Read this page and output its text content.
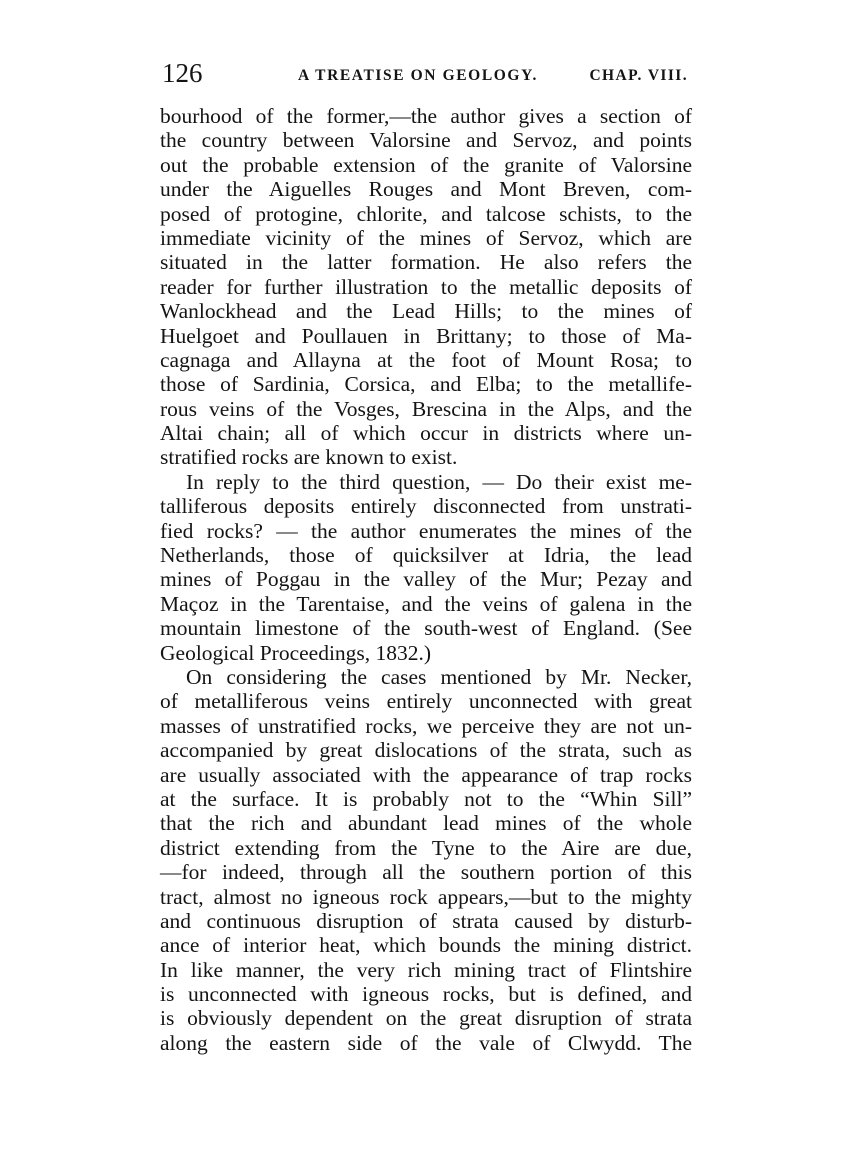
126	A TREATISE ON GEOLOGY.	CHAP. VIII.
bourhood of the former,—the author gives a section of
the country between Valorsine and Servoz, and points
out the probable extension of the granite of Valorsine
under the Aiguelles Rouges and Mont Breven, com-
posed of protogine, chlorite, and talcose schists, to the
immediate vicinity of the mines of Servoz, which are
situated in the latter formation. He also refers the
reader for further illustration to the metallic deposits of
Wanlockhead and the Lead Hills; to the mines of
Huelgoet and Poullauen in Brittany; to those of Ma-
cagnaga and Allayna at the foot of Mount Rosa; to
those of Sardinia, Corsica, and Elba; to the metallife-
rous veins of the Vosges, Brescina in the Alps, and the
Altai chain; all of which occur in districts where un-
stratified rocks are known to exist.
In reply to the third question, — Do their exist me-
talliferous deposits entirely disconnected from unstrati-
fied rocks? — the author enumerates the mines of the
Netherlands, those of quicksilver at Idria, the lead
mines of Poggau in the valley of the Mur; Pezay and
Maçoz in the Tarentaise, and the veins of galena in the
mountain limestone of the south-west of England. (See
Geological Proceedings, 1832.)
On considering the cases mentioned by Mr. Necker,
of metalliferous veins entirely unconnected with great
masses of unstratified rocks, we perceive they are not un-
accompanied by great dislocations of the strata, such as
are usually associated with the appearance of trap rocks
at the surface. It is probably not to the “Whin Sill”
that the rich and abundant lead mines of the whole
district extending from the Tyne to the Aire are due,
—for indeed, through all the southern portion of this
tract, almost no igneous rock appears,—but to the mighty
and continuous disruption of strata caused by disturb-
ance of interior heat, which bounds the mining district.
In like manner, the very rich mining tract of Flintshire
is unconnected with igneous rocks, but is defined, and
is obviously dependent on the great disruption of strata
along the eastern side of the vale of Clwydd. The
